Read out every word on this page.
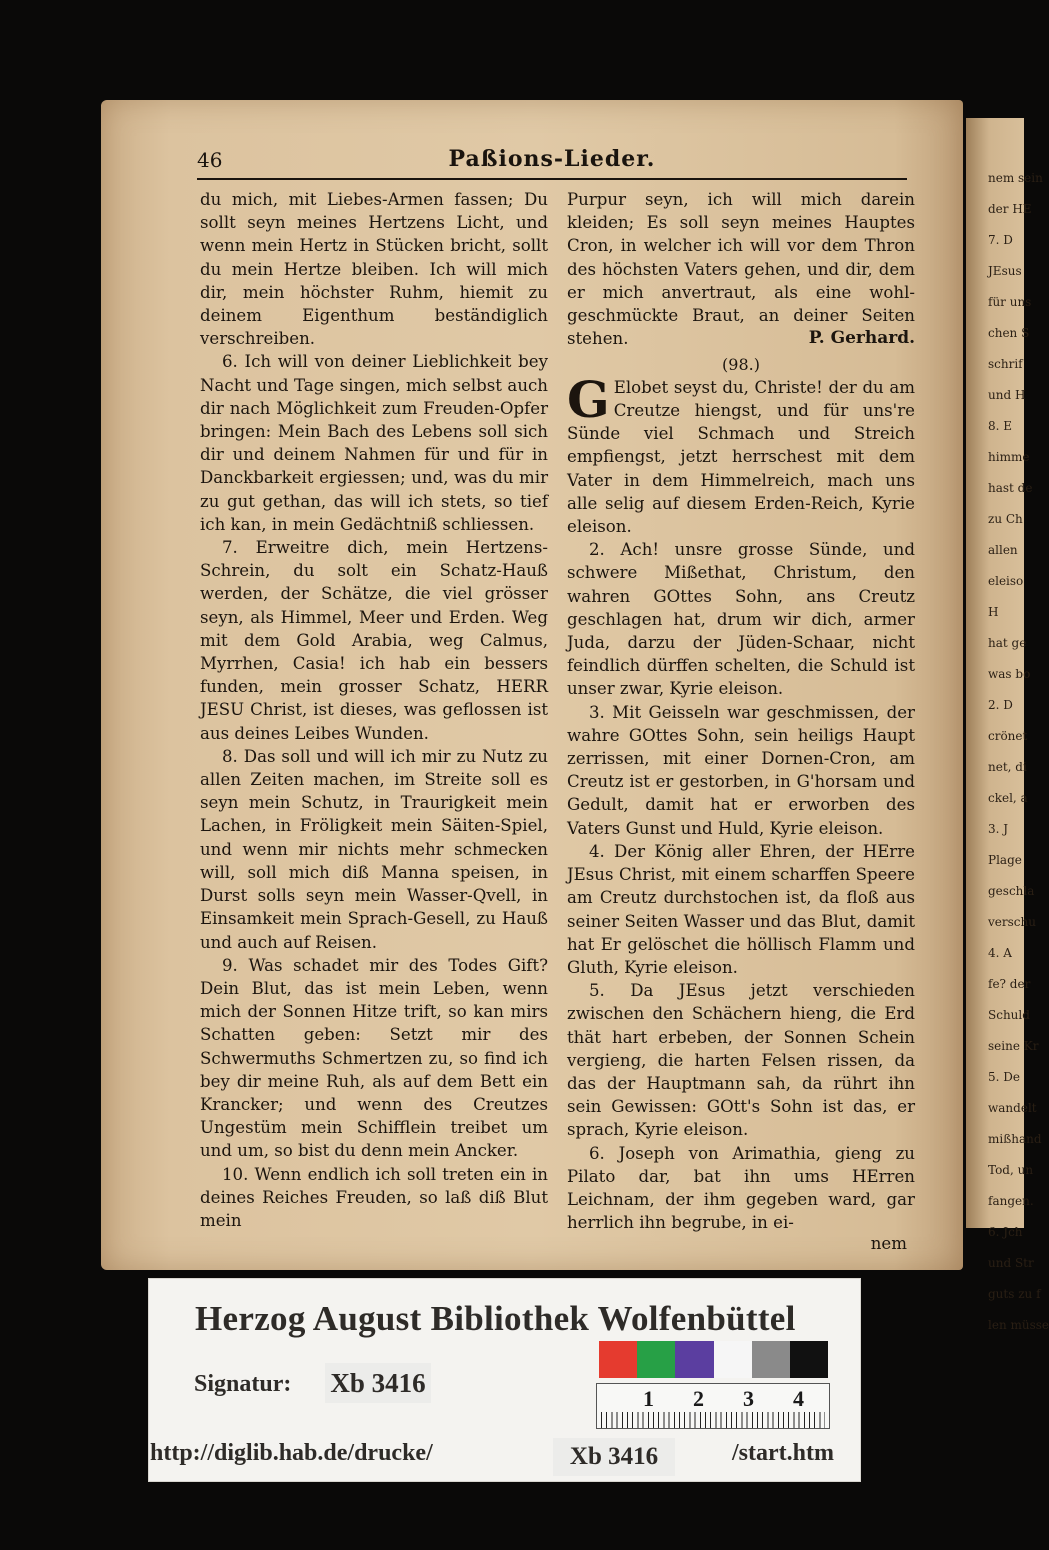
46	Paßions-Lieder.

du mich, mit Liebes-Armen fassen; Du sollt seyn meines Hertzens Licht, und wenn mein Hertz in Stücken bricht, sollt du mein Hertze bleiben. Ich will mich dir, mein höchster Ruhm, hiemit zu deinem Eigenthum beständiglich verschreiben.

6. Ich will von deiner Lieblichkeit bey Nacht und Tage singen, mich selbst auch dir nach Möglichkeit zum Freuden-Opfer bringen: Mein Bach des Lebens soll sich dir und deinem Nahmen für und für in Danckbarkeit ergiessen; und, was du mir zu gut gethan, das will ich stets, so tief ich kan, in mein Gedächtniß schliessen.

7. Erweitre dich, mein Hertzens-Schrein, du solt ein Schatz-Hauß werden, der Schätze, die viel grösser seyn, als Himmel, Meer und Erden. Weg mit dem Gold Arabia, weg Calmus, Myrrhen, Casia! ich hab ein bessers funden, mein grosser Schatz, HERR JESU Christ, ist dieses, was geflossen ist aus deines Leibes Wunden.

8. Das soll und will ich mir zu Nutz zu allen Zeiten machen, im Streite soll es seyn mein Schutz, in Traurigkeit mein Lachen, in Fröligkeit mein Säiten-Spiel, und wenn mir nichts mehr schmecken will, soll mich diß Manna speisen, in Durst solls seyn mein Wasser-Qvell, in Einsamkeit mein Sprach-Gesell, zu Hauß und auch auf Reisen.

9. Was schadet mir des Todes Gift? Dein Blut, das ist mein Leben, wenn mich der Sonnen Hitze trift, so kan mirs Schatten geben: Setzt mir des Schwermuths Schmertzen zu, so find ich bey dir meine Ruh, als auf dem Bett ein Krancker; und wenn des Creutzes Ungestüm mein Schifflein treibet um und um, so bist du denn mein Ancker.

10. Wenn endlich ich soll treten ein in deines Reiches Freuden, so laß diß Blut mein

Purpur seyn, ich will mich darein kleiden; Es soll seyn meines Hauptes Cron, in welcher ich will vor dem Thron des höchsten Vaters gehen, und dir, dem er mich anvertraut, als eine wohl-geschmückte Braut, an deiner Seiten stehen.	P. Gerhard.

(98.)

G Elobet seyst du, Christe! der du am Creutze hiengst, und für uns're Sünde viel Schmach und Streich empfiengst, jetzt herrschest mit dem Vater in dem Himmelreich, mach uns alle selig auf diesem Erden-Reich, Kyrie eleison.

2. Ach! unsre grosse Sünde, und schwere Mißethat, Christum, den wahren GOttes Sohn, ans Creutz geschlagen hat, drum wir dich, armer Juda, darzu der Jüden-Schaar, nicht feindlich dürffen schelten, die Schuld ist unser zwar, Kyrie eleison.

3. Mit Geisseln war geschmissen, der wahre GOttes Sohn, sein heiligs Haupt zerrissen, mit einer Dornen-Cron, am Creutz ist er gestorben, in G'horsam und Gedult, damit hat er erworben des Vaters Gunst und Huld, Kyrie eleison.

4. Der König aller Ehren, der HErre JEsus Christ, mit einem scharffen Speere am Creutz durchstochen ist, da floß aus seiner Seiten Wasser und das Blut, damit hat Er gelöschet die höllisch Flamm und Gluth, Kyrie eleison.

5. Da JEsus jetzt verschieden zwischen den Schächern hieng, die Erd thät hart erbeben, der Sonnen Schein vergieng, die harten Felsen rissen, da das der Hauptmann sah, da rührt ihn sein Gewissen: GOtt's Sohn ist das, er sprach, Kyrie eleison.

6. Joseph von Arimathia, gieng zu Pilato dar, bat ihn ums HErren Leichnam, der ihm gegeben ward, gar herrlich ihn begrube, in ei-

nem
nem sein
der HE
7. D
JEsus
für uns
chen S
schrif
und H
8. E
himme
hast de
zu Ch
allen
eleiso
H
hat ge
was bo
2. D
crönet
net, di
ckel, a
3. J
Plage
geschla
verschu
4. A
fe? der
Schuld
seine Kr
5. De
wandelt
mißhand
Tod, un
fangen.
6. Jch
und Str
guts zu f
len müsse
Herzog August Bibliothek Wolfenbüttel
Signatur: Xb 3416
1 2 3 4
http://diglib.hab.de/drucke/	Xb 3416	/start.htm
